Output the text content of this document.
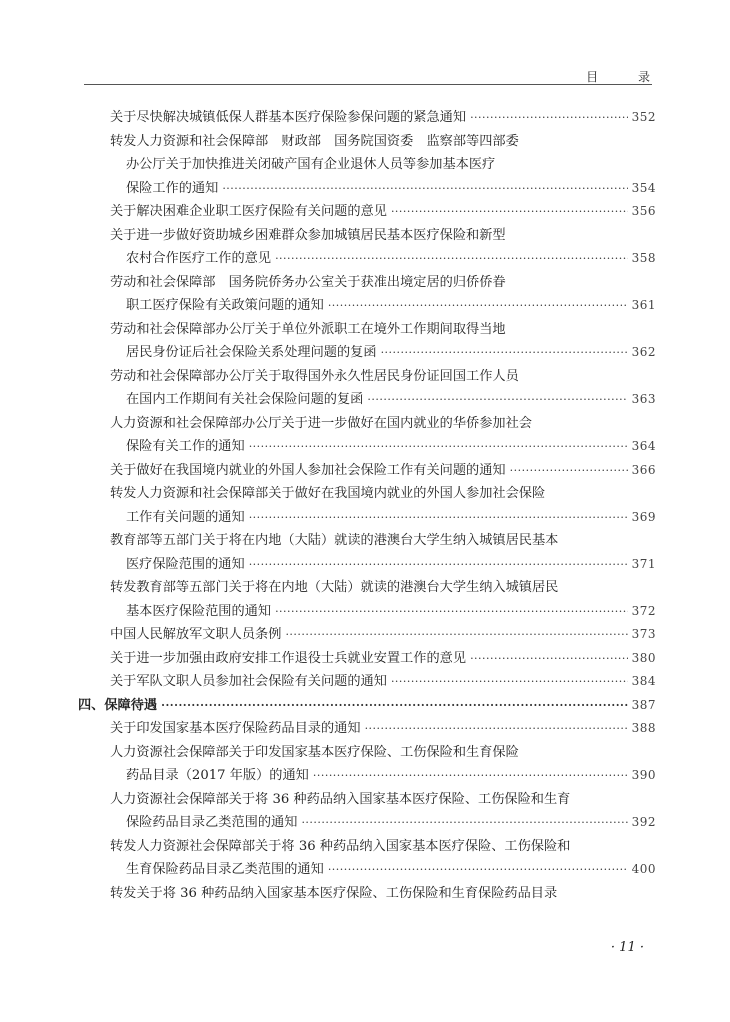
目 录
关于尽快解决城镇低保人群基本医疗保险参保问题的紧急通知 ·····	352
转发人力资源和社会保障部　财政部　国务院国资委　监察部等四部委
办公厅关于加快推进关闭破产国有企业退休人员等参加基本医疗
保险工作的通知 ·····	354
关于解决困难企业职工医疗保险有关问题的意见 ·····	356
关于进一步做好资助城乡困难群众参加城镇居民基本医疗保险和新型
农村合作医疗工作的意见 ·····	358
劳动和社会保障部　国务院侨务办公室关于获准出境定居的归侨侨眷
职工医疗保险有关政策问题的通知 ·····	361
劳动和社会保障部办公厅关于单位外派职工在境外工作期间取得当地
居民身份证后社会保险关系处理问题的复函 ·····	362
劳动和社会保障部办公厅关于取得国外永久性居民身份证回国工作人员
在国内工作期间有关社会保险问题的复函 ·····	363
人力资源和社会保障部办公厅关于进一步做好在国内就业的华侨参加社会
保险有关工作的通知 ·····	364
关于做好在我国境内就业的外国人参加社会保险工作有关问题的通知 ·····	366
转发人力资源和社会保障部关于做好在我国境内就业的外国人参加社会保险
工作有关问题的通知 ·····	369
教育部等五部门关于将在内地（大陆）就读的港澳台大学生纳入城镇居民基本
医疗保险范围的通知 ·····	371
转发教育部等五部门关于将在内地（大陆）就读的港澳台大学生纳入城镇居民
基本医疗保险范围的通知 ·····	372
中国人民解放军文职人员条例 ·····	373
关于进一步加强由政府安排工作退役士兵就业安置工作的意见 ·····	380
关于军队文职人员参加社会保险有关问题的通知 ·····	384
四、保障待遇 ·····	387
关于印发国家基本医疗保险药品目录的通知 ·····	388
人力资源社会保障部关于印发国家基本医疗保险、工伤保险和生育保险
药品目录（2017 年版）的通知 ·····	390
人力资源社会保障部关于将 36 种药品纳入国家基本医疗保险、工伤保险和生育
保险药品目录乙类范围的通知 ·····	392
转发人力资源社会保障部关于将 36 种药品纳入国家基本医疗保险、工伤保险和
生育保险药品目录乙类范围的通知 ·····	400
转发关于将 36 种药品纳入国家基本医疗保险、工伤保险和生育保险药品目录
· 11 ·
